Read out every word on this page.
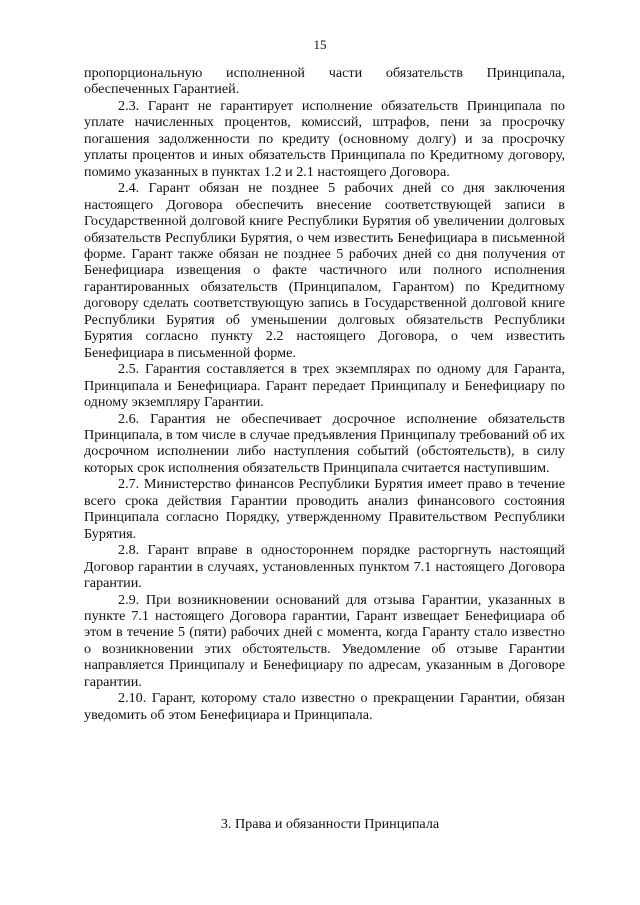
15

пропорциональную исполненной части обязательств Принципала, обеспеченных Гарантией.

2.3. Гарант не гарантирует исполнение обязательств Принципала по уплате начисленных процентов, комиссий, штрафов, пени за просрочку погашения задолженности по кредиту (основному долгу) и за просрочку уплаты процентов и иных обязательств Принципала по Кредитному договору, помимо указанных в пунктах 1.2 и 2.1 настоящего Договора.

2.4. Гарант обязан не позднее 5 рабочих дней со дня заключения настоящего Договора обеспечить внесение соответствующей записи в Государственной долговой книге Республики Бурятия об увеличении долговых обязательств Республики Бурятия, о чем известить Бенефициара в письменной форме. Гарант также обязан не позднее 5 рабочих дней со дня получения от Бенефициара извещения о факте частичного или полного исполнения гарантированных обязательств (Принципалом, Гарантом) по Кредитному договору сделать соответствующую запись в Государственной долговой книге Республики Бурятия об уменьшении долговых обязательств Республики Бурятия согласно пункту 2.2 настоящего Договора, о чем известить Бенефициара в письменной форме.

2.5. Гарантия составляется в трех экземплярах по одному для Гаранта, Принципала и Бенефициара. Гарант передает Принципалу и Бенефициару по одному экземпляру Гарантии.

2.6. Гарантия не обеспечивает досрочное исполнение обязательств Принципала, в том числе в случае предъявления Принципалу требований об их досрочном исполнении либо наступления событий (обстоятельств), в силу которых срок исполнения обязательств Принципала считается наступившим.

2.7. Министерство финансов Республики Бурятия имеет право в течение всего срока действия Гарантии проводить анализ финансового состояния Принципала согласно Порядку, утвержденному Правительством Республики Бурятия.

2.8. Гарант вправе в одностороннем порядке расторгнуть настоящий Договор гарантии в случаях, установленных пунктом 7.1 настоящего Договора гарантии.

2.9. При возникновении оснований для отзыва Гарантии, указанных в пункте 7.1 настоящего Договора гарантии, Гарант извещает Бенефициара об этом в течение 5 (пяти) рабочих дней с момента, когда Гаранту стало известно о возникновении этих обстоятельств. Уведомление об отзыве Гарантии направляется Принципалу и Бенефициару по адресам, указанным в Договоре гарантии.

2.10. Гарант, которому стало известно о прекращении Гарантии, обязан уведомить об этом Бенефициара и Принципала.

3. Права и обязанности Принципала
